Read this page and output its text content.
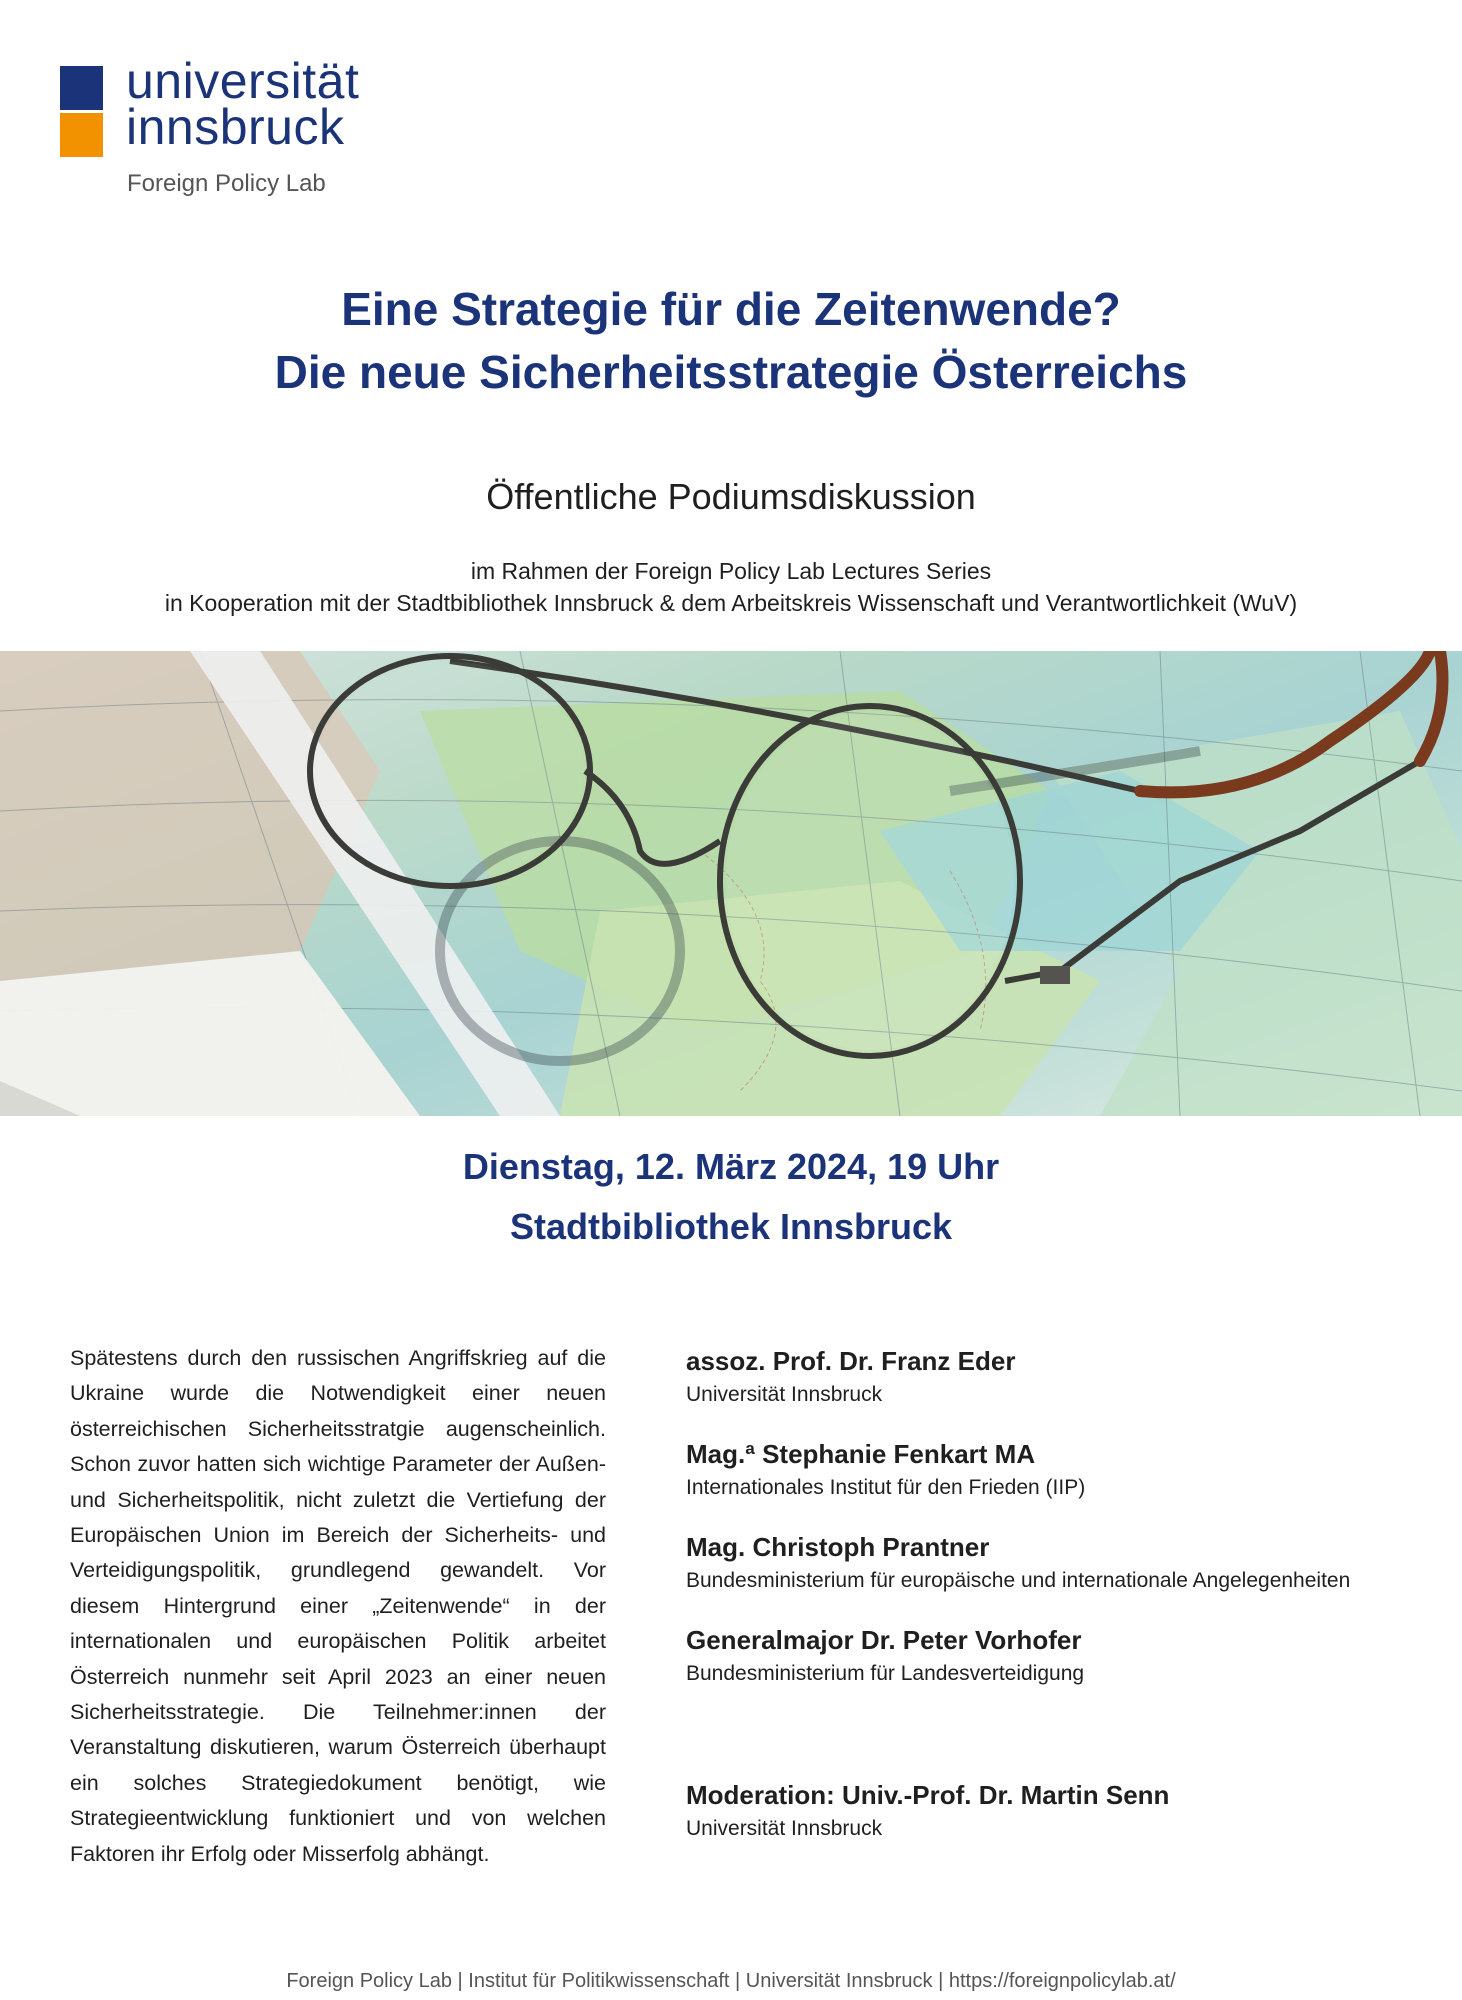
universität
innsbruck
Foreign Policy Lab
Eine Strategie für die Zeitenwende?
Die neue Sicherheitsstrategie Österreichs
Öffentliche Podiumsdiskussion
im Rahmen der Foreign Policy Lab Lectures Series
in Kooperation mit der Stadtbibliothek Innsbruck & dem Arbeitskreis Wissenschaft und Verantwortlichkeit (WuV)
Dienstag, 12. März 2024, 19 Uhr
Stadtbibliothek Innsbruck
Spätestens durch den russischen Angriffskrieg auf die Ukraine wurde die Notwendigkeit einer neuen österreichischen Sicherheitsstratgie augenscheinlich. Schon zuvor hatten sich wichtige Parameter der Außen- und Sicherheitspolitik, nicht zuletzt die Vertiefung der Europäischen Union im Bereich der Sicherheits- und Verteidigungspolitik, grundlegend gewandelt. Vor diesem Hintergrund einer „Zeitenwende“ in der internationalen und europäischen Politik arbeitet Österreich nunmehr seit April 2023 an einer neuen Sicherheitsstrategie. Die Teilnehmer:innen der Veranstaltung diskutieren, warum Österreich überhaupt ein solches Strategiedokument benötigt, wie Strategieentwicklung funktioniert und von welchen Faktoren ihr Erfolg oder Misserfolg abhängt.
assoz. Prof. Dr. Franz Eder
Universität Innsbruck
Mag.ª Stephanie Fenkart MA
Internationales Institut für den Frieden (IIP)
Mag. Christoph Prantner
Bundesministerium für europäische und internationale Angelegenheiten
Generalmajor Dr. Peter Vorhofer
Bundesministerium für Landesverteidigung
Moderation: Univ.-Prof. Dr. Martin Senn
Universität Innsbruck
Foreign Policy Lab | Institut für Politikwissenschaft | Universität Innsbruck | https://foreignpolicylab.at/
